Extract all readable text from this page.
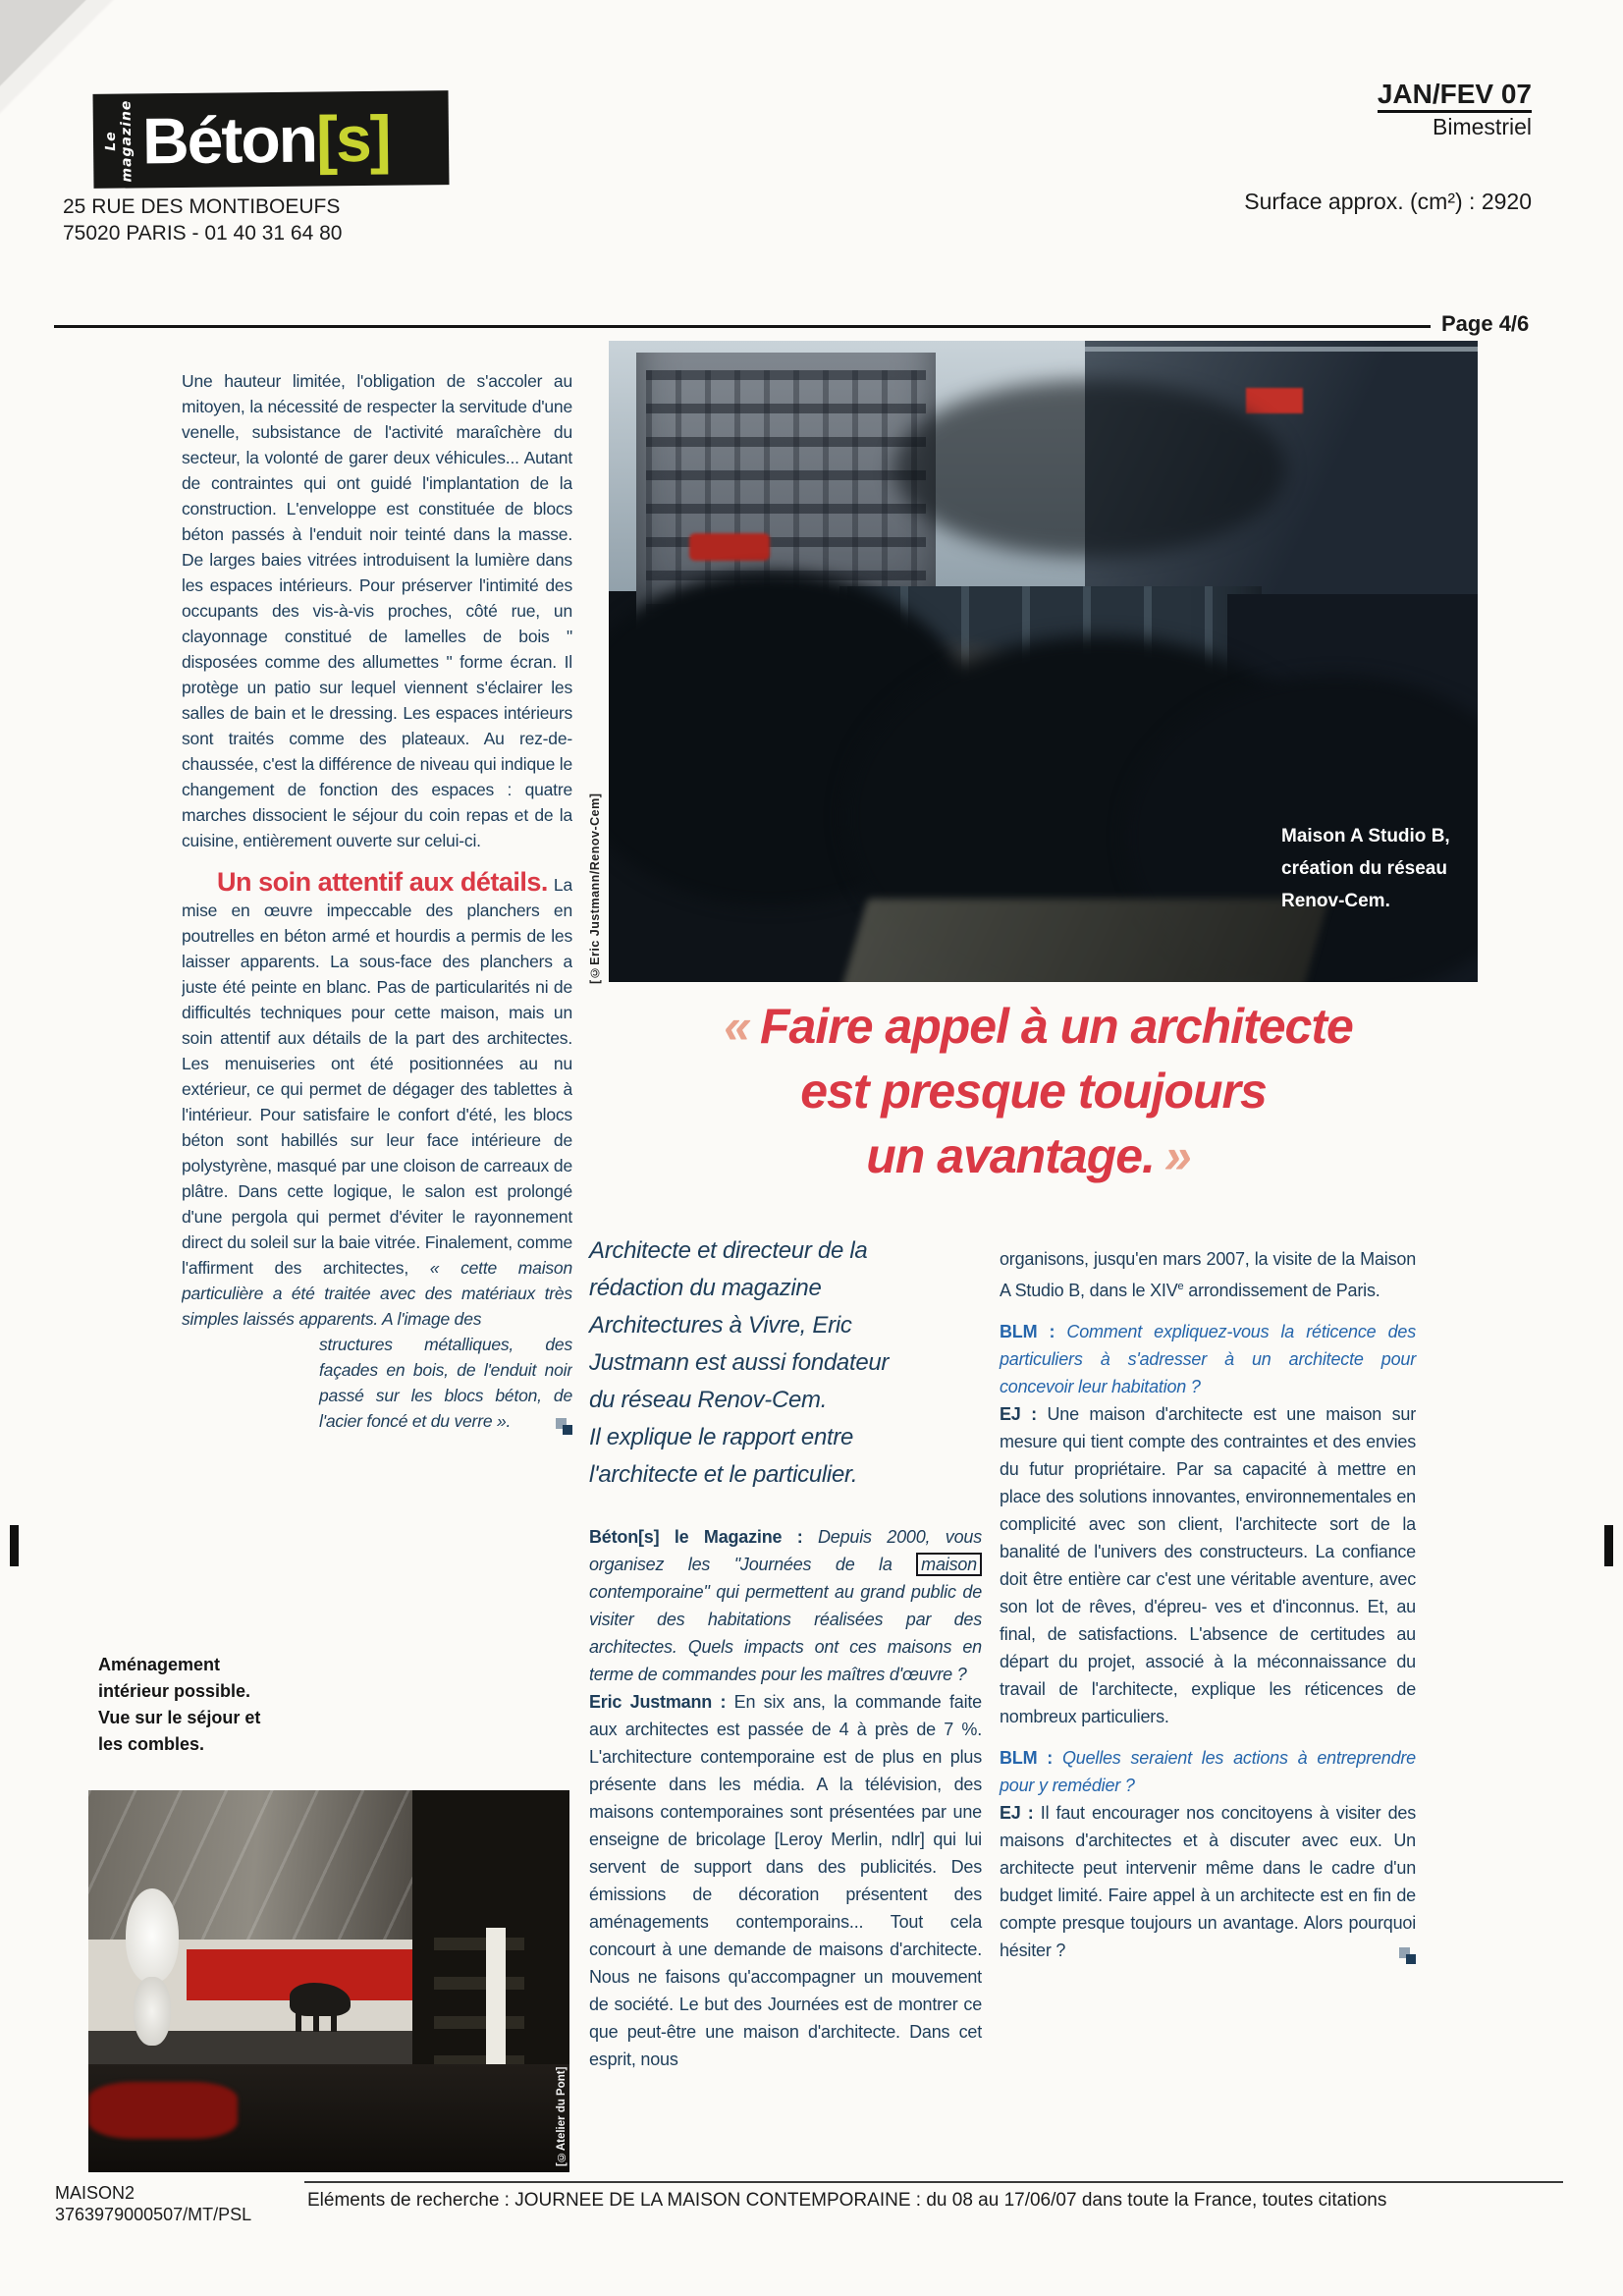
Le magazine Béton[s]
25 RUE DES MONTIBOEUFS
75020 PARIS - 01 40 31 64 80
JAN/FEV 07
Bimestriel
Surface approx. (cm²) : 2920
Page 4/6
Maison A Studio B,
création du réseau
Renov-Cem.
[©Eric Justmann/Renov-Cem]
« Faire appel à un architecte
est presque toujours
un avantage. »

Une hauteur limitée, l'obligation de s'accoler au mitoyen, la nécessité de respecter la servitude d'une venelle, subsistance de l'activité maraîchère du secteur, la volonté de garer deux véhicules... Autant de contraintes qui ont guidé l'implantation de la construction. L'enveloppe est constituée de blocs béton passés à l'enduit noir teinté dans la masse. De larges baies vitrées introduisent la lumière dans les espaces intérieurs. Pour préserver l'intimité des occupants des vis-à-vis proches, côté rue, un clayonnage constitué de lamelles de bois " disposées comme des allumettes " forme écran. Il protège un patio sur lequel viennent s'éclairer les salles de bain et le dressing. Les espaces intérieurs sont traités comme des plateaux. Au rez-de-chaussée, c'est la différence de niveau qui indique le changement de fonction des espaces : quatre marches dissocient le séjour du coin repas et de la cuisine, entièrement ouverte sur celui-ci.

Un soin attentif aux détails. La mise en œuvre impeccable des planchers en poutrelles en béton armé et hourdis a permis de les laisser apparents. La sous-face des planchers a juste été peinte en blanc. Pas de particularités ni de difficultés techniques pour cette maison, mais un soin attentif aux détails de la part des architectes. Les menuiseries ont été positionnées au nu extérieur, ce qui permet de dégager des tablettes à l'intérieur. Pour satisfaire le confort d'été, les blocs béton sont habillés sur leur face intérieure de polystyrène, masqué par une cloison de carreaux de plâtre. Dans cette logique, le salon est prolongé d'une pergola qui permet d'éviter le rayonnement direct du soleil sur la baie vitrée. Finalement, comme l'affirment des architectes, « cette maison particulière a été traitée avec des matériaux très simples laissés apparents. A l'image des

structures métalliques, des façades en bois, de l'enduit noir passé sur les blocs béton, de l'acier foncé et du verre ».
Aménagement intérieur possible. Vue sur le séjour et les combles.
Architecte et directeur de la
rédaction du magazine
Architectures à Vivre, Eric
Justmann est aussi fondateur
du réseau Renov-Cem.
Il explique le rapport entre
l'architecte et le particulier.

Béton[s] le Magazine : Depuis 2000, vous organisez les "Journées de la maison contemporaine" qui permettent au grand public de visiter des habitations réalisées par des architectes. Quels impacts ont ces maisons en terme de commandes pour les maîtres d'œuvre ?

Eric Justmann : En six ans, la commande faite aux architectes est passée de 4 à près de 7 %. L'architecture contemporaine est de plus en plus présente dans les média. A la télévision, des maisons contemporaines sont présentées par une enseigne de bricolage [Leroy Merlin, ndlr] qui lui servent de support dans des publicités. Des émissions de décoration présentent des aménagements contemporains... Tout cela concourt à une demande de maisons d'architecte. Nous ne faisons qu'accompagner un mouvement de société. Le but des Journées est de montrer ce que peut-être une maison d'architecte. Dans cet esprit, nous

organisons, jusqu'en mars 2007, la visite de la Maison A Studio B, dans le XIVe arrondissement de Paris.

BLM : Comment expliquez-vous la réticence des particuliers à s'adresser à un architecte pour concevoir leur habitation ?

EJ : Une maison d'architecte est une maison sur mesure qui tient compte des contraintes et des envies du futur propriétaire. Par sa capacité à mettre en place des solutions innovantes, environnementales en complicité avec son client, l'architecte sort de la banalité de l'univers des constructeurs. La confiance doit être entière car c'est une véritable aventure, avec son lot de rêves, d'épreu- ves et d'inconnus. Et, au final, de satisfactions. L'absence de certitudes au départ du projet, associé à la méconnaissance du travail de l'architecte, explique les réticences de nombreux particuliers.

BLM : Quelles seraient les actions à entreprendre pour y remédier ?

EJ : Il faut encourager nos concitoyens à visiter des maisons d'architectes et à discuter avec eux. Un architecte peut intervenir même dans le cadre d'un budget limité. Faire appel à un architecte est en fin de compte presque toujours un avantage. Alors pourquoi hésiter ?

[©Atelier du Pont]
MAISON2
3763979000507/MT/PSL
Eléments de recherche : JOURNEE DE LA MAISON CONTEMPORAINE : du 08 au 17/06/07 dans toute la France, toutes citations
